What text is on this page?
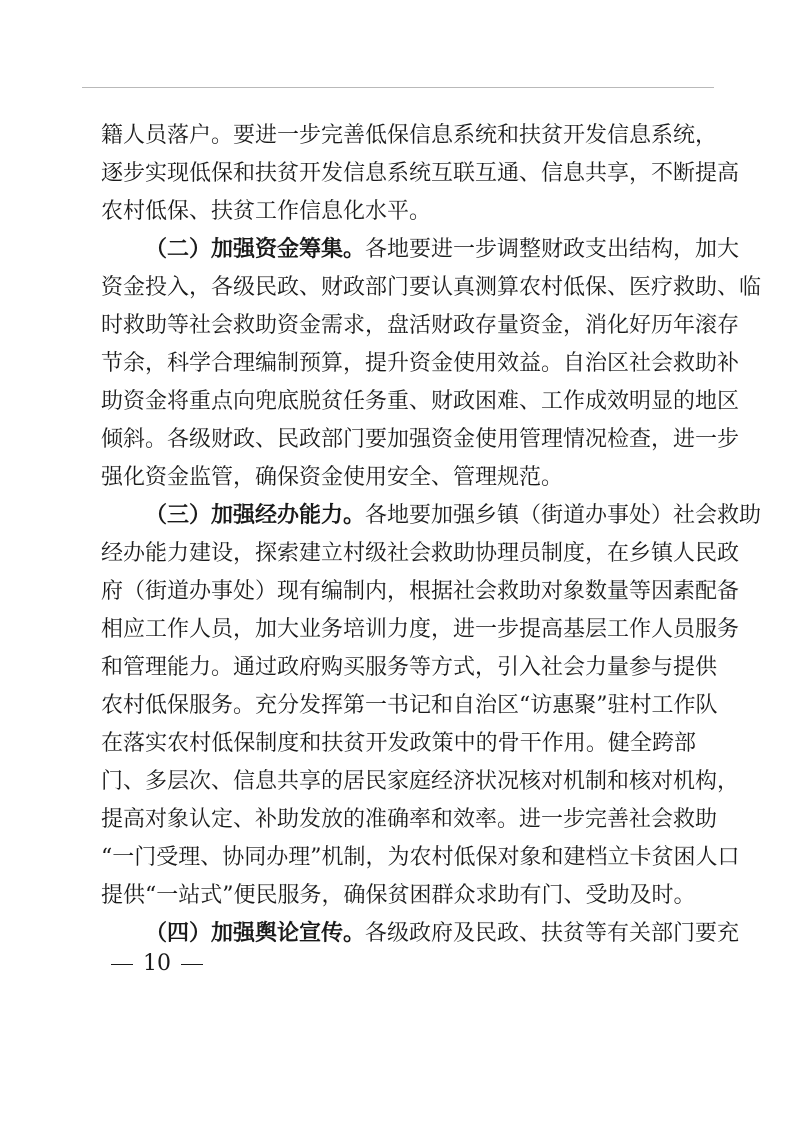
籍人员落户。要进一步完善低保信息系统和扶贫开发信息系统，
逐步实现低保和扶贫开发信息系统互联互通、信息共享，不断提高
农村低保、扶贫工作信息化水平。
（二）加强资金筹集。各地要进一步调整财政支出结构，加大
资金投入，各级民政、财政部门要认真测算农村低保、医疗救助、临
时救助等社会救助资金需求，盘活财政存量资金，消化好历年滚存
节余，科学合理编制预算，提升资金使用效益。自治区社会救助补
助资金将重点向兜底脱贫任务重、财政困难、工作成效明显的地区
倾斜。各级财政、民政部门要加强资金使用管理情况检查，进一步
强化资金监管，确保资金使用安全、管理规范。
（三）加强经办能力。各地要加强乡镇（街道办事处）社会救助
经办能力建设，探索建立村级社会救助协理员制度，在乡镇人民政
府（街道办事处）现有编制内，根据社会救助对象数量等因素配备
相应工作人员，加大业务培训力度，进一步提高基层工作人员服务
和管理能力。通过政府购买服务等方式，引入社会力量参与提供
农村低保服务。充分发挥第一书记和自治区“访惠聚”驻村工作队
在落实农村低保制度和扶贫开发政策中的骨干作用。健全跨部
门、多层次、信息共享的居民家庭经济状况核对机制和核对机构，
提高对象认定、补助发放的准确率和效率。进一步完善社会救助
“一门受理、协同办理”机制，为农村低保对象和建档立卡贫困人口
提供“一站式”便民服务，确保贫困群众求助有门、受助及时。
（四）加强舆论宣传。各级政府及民政、扶贫等有关部门要充
10
